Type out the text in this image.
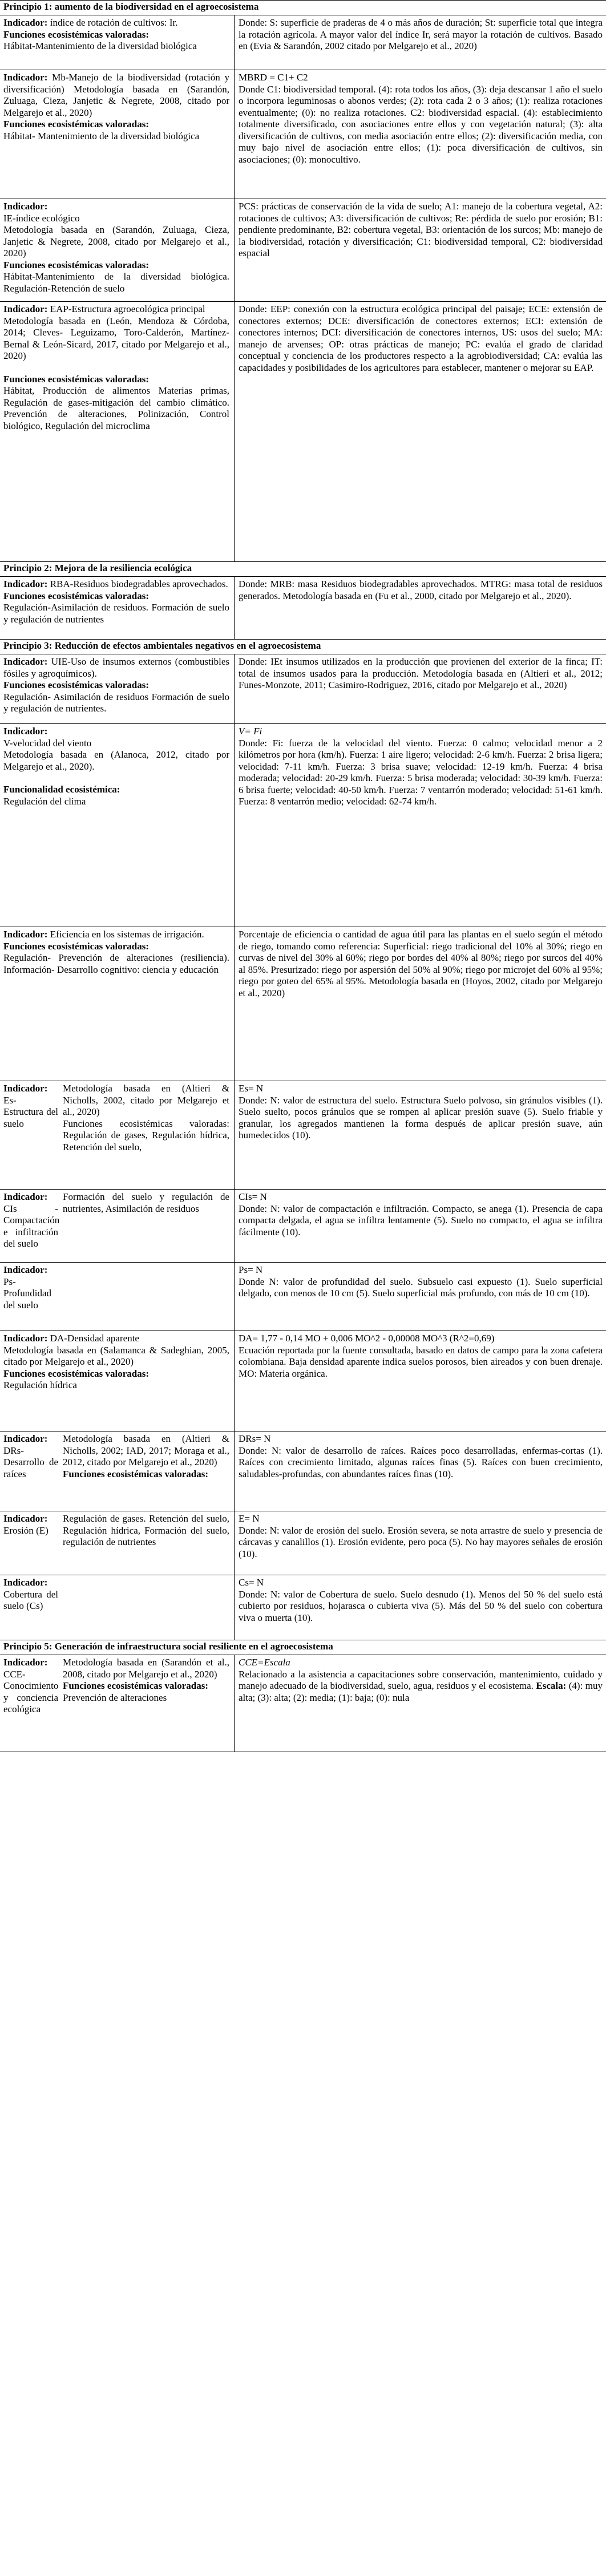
Principio 1: aumento de la biodiversidad en el agroecosistema

Indicador: índice de rotación de cultivos: Ir.

Funciones ecosistémicas valoradas:

Hábitat-Mantenimiento de la diversidad biológica

Donde: S: superficie de praderas de 4 o más años de duración; St: superficie total que integra la rotación agrícola. A mayor valor del índice Ir, será mayor la rotación de cultivos. Basado en (Evia & Sarandón, 2002 citado por Melgarejo et al., 2020)

Indicador: Mb-Manejo de la biodiversidad (rotación y diversificación) Metodología basada en (Sarandón, Zuluaga, Cieza, Janjetic & Negrete, 2008, citado por Melgarejo et al., 2020)

Funciones ecosistémicas valoradas:

Hábitat- Mantenimiento de la diversidad biológica

MBRD = C1+ C2

Donde C1: biodiversidad temporal. (4): rota todos los años, (3): deja descansar 1 año el suelo o incorpora leguminosas o abonos verdes; (2): rota cada 2 o 3 años; (1): realiza rotaciones eventualmente; (0): no realiza rotaciones. C2: biodiversidad espacial. (4): establecimiento totalmente diversificado, con asociaciones entre ellos y con vegetación natural; (3): alta diversificación de cultivos, con media asociación entre ellos; (2): diversificación media, con muy bajo nivel de asociación entre ellos; (1): poca diversificación de cultivos, sin asociaciones; (0): monocultivo.

Indicador:

IE-índice ecológico

Metodología basada en (Sarandón, Zuluaga, Cieza, Janjetic & Negrete, 2008, citado por Melgarejo et al., 2020)

Funciones ecosistémicas valoradas:

Hábitat-Mantenimiento de la diversidad biológica. Regulación-Retención de suelo

PCS: prácticas de conservación de la vida de suelo; A1: manejo de la cobertura vegetal, A2: rotaciones de cultivos; A3: diversificación de cultivos; Re: pérdida de suelo por erosión; B1: pendiente predominante, B2: cobertura vegetal, B3: orientación de los surcos; Mb: manejo de la biodiversidad, rotación y diversificación; C1: biodiversidad temporal, C2: biodiversidad espacial

Indicador: EAP-Estructura agroecológica principal

Metodología basada en (León, Mendoza & Córdoba, 2014; Cleves- Leguizamo, Toro-Calderón, Martínez-Bernal & León-Sicard, 2017, citado por Melgarejo et al., 2020)

Funciones ecosistémicas valoradas:

Hábitat, Producción de alimentos Materias primas, Regulación de gases-mitigación del cambio climático. Prevención de alteraciones, Polinización, Control biológico, Regulación del microclima

Donde: EEP: conexión con la estructura ecológica principal del paisaje; ECE: extensión de conectores externos; DCE: diversificación de conectores externos; ECI: extensión de conectores internos; DCI: diversificación de conectores internos, US: usos del suelo; MA: manejo de arvenses; OP: otras prácticas de manejo; PC: evalúa el grado de claridad conceptual y conciencia de los productores respecto a la agrobiodiversidad; CA: evalúa las capacidades y posibilidades de los agricultores para establecer, mantener o mejorar su EAP.

Principio 2: Mejora de la resiliencia ecológica

Indicador: RBA-Residuos biodegradables aprovechados.

Funciones ecosistémicas valoradas:

Regulación-Asimilación de residuos. Formación de suelo y regulación de nutrientes

Donde: MRB: masa Residuos biodegradables aprovechados. MTRG: masa total de residuos generados. Metodología basada en (Fu et al., 2000, citado por Melgarejo et al., 2020).

Principio 3: Reducción de efectos ambientales negativos en el agroecosistema

Indicador: UIE-Uso de insumos externos (combustibles fósiles y agroquímicos).

Funciones ecosistémicas valoradas:

Regulación- Asimilación de residuos Formación de suelo y regulación de nutrientes.

Donde: IEt insumos utilizados en la producción que provienen del exterior de la finca; IT: total de insumos usados para la producción. Metodología basada en (Altieri et al., 2012; Funes-Monzote, 2011; Casimiro-Rodriguez, 2016, citado por Melgarejo et al., 2020)

Indicador:

V-velocidad del viento

Metodología basada en (Alanoca, 2012, citado por Melgarejo et al., 2020).

Funcionalidad ecosistémica:

Regulación del clima

V= Fi

Donde: Fi: fuerza de la velocidad del viento. Fuerza: 0 calmo; velocidad menor a 2 kilómetros por hora (km/h). Fuerza: 1 aire ligero; velocidad: 2-6 km/h. Fuerza: 2 brisa ligera; velocidad: 7-11 km/h. Fuerza: 3 brisa suave; velocidad: 12-19 km/h. Fuerza: 4 brisa moderada; velocidad: 20-29 km/h. Fuerza: 5 brisa moderada; velocidad: 30-39 km/h. Fuerza: 6 brisa fuerte; velocidad: 40-50 km/h. Fuerza: 7 ventarrón moderado; velocidad: 51-61 km/h. Fuerza: 8 ventarrón medio; velocidad: 62-74 km/h.

Indicador: Eficiencia en los sistemas de irrigación.

Funciones ecosistémicas valoradas:

Regulación- Prevención de alteraciones (resiliencia). Información- Desarrollo cognitivo: ciencia y educación

Porcentaje de eficiencia o cantidad de agua útil para las plantas en el suelo según el método de riego, tomando como referencia: Superficial: riego tradicional del 10% al 30%; riego en curvas de nivel del 30% al 60%; riego por bordes del 40% al 80%; riego por surcos del 40% al 85%. Presurizado: riego por aspersión del 50% al 90%; riego por microjet del 60% al 95%; riego por goteo del 65% al 95%. Metodología basada en (Hoyos, 2002, citado por Melgarejo et al., 2020)

Indicador: Es- Estructura del suelo

Metodología basada en (Altieri & Nicholls, 2002, citado por Melgarejo et al., 2020)

Funciones ecosistémicas valoradas: Regulación de gases, Regulación hídrica, Retención del suelo,

Es= N

Donde: N: valor de estructura del suelo. Estructura Suelo polvoso, sin gránulos visibles (1). Suelo suelto, pocos gránulos que se rompen al aplicar presión suave (5). Suelo friable y granular, los agregados mantienen la forma después de aplicar presión suave, aún humedecidos (10).

Indicador: CIs -Compactación e infiltración del suelo

Formación del suelo y regulación de nutrientes, Asimilación de residuos

CIs= N

Donde: N: valor de compactación e infiltración. Compacto, se anega (1). Presencia de capa compacta delgada, el agua se infiltra lentamente (5). Suelo no compacto, el agua se infiltra fácilmente (10).

Indicador: Ps- Profundidad del suelo

Ps= N

Donde N: valor de profundidad del suelo. Subsuelo casi expuesto (1). Suelo superficial delgado, con menos de 10 cm (5). Suelo superficial más profundo, con más de 10 cm (10).

Indicador: DA-Densidad aparente

Metodología basada en (Salamanca & Sadeghian, 2005, citado por Melgarejo et al., 2020)

Funciones ecosistémicas valoradas:

Regulación hídrica

DA= 1,77 - 0,14 MO + 0,006 MO^2 - 0,00008 MO^3 (R^2=0,69)

Ecuación reportada por la fuente consultada, basado en datos de campo para la zona cafetera colombiana. Baja densidad aparente indica suelos porosos, bien aireados y con buen drenaje. MO: Materia orgánica.

Indicador: DRs- Desarrollo de raíces

Metodología basada en (Altieri & Nicholls, 2002; IAD, 2017; Moraga et al., 2012, citado por Melgarejo et al., 2020)

Funciones ecosistémicas valoradas:

DRs= N

Donde: N: valor de desarrollo de raíces. Raíces poco desarrolladas, enfermas-cortas (1). Raíces con crecimiento limitado, algunas raíces finas (5). Raíces con buen crecimiento, saludables-profundas, con abundantes raíces finas (10).

Indicador: Erosión (E)

Regulación de gases. Retención del suelo, Regulación hídrica, Formación del suelo, regulación de nutrientes

E= N

Donde: N: valor de erosión del suelo. Erosión severa, se nota arrastre de suelo y presencia de cárcavas y canalillos (1). Erosión evidente, pero poca (5). No hay mayores señales de erosión (10).

Indicador: Cobertura del suelo (Cs)

Cs= N

Donde: N: valor de Cobertura de suelo. Suelo desnudo (1). Menos del 50 % del suelo está cubierto por residuos, hojarasca o cubierta viva (5). Más del 50 % del suelo con cobertura viva o muerta (10).

Principio 5: Generación de infraestructura social resiliente en el agroecosistema
Indicador: CCE- Conocimiento y conciencia ecológica

Metodología basada en (Sarandón et al., 2008, citado por Melgarejo et al., 2020)

Funciones ecosistémicas valoradas:

Prevención de alteraciones

CCE=Escala

Relacionado a la asistencia a capacitaciones sobre conservación, mantenimiento, cuidado y manejo adecuado de la biodiversidad, suelo, agua, residuos y el ecosistema. Escala: (4): muy alta; (3): alta; (2): media; (1): baja; (0): nula
